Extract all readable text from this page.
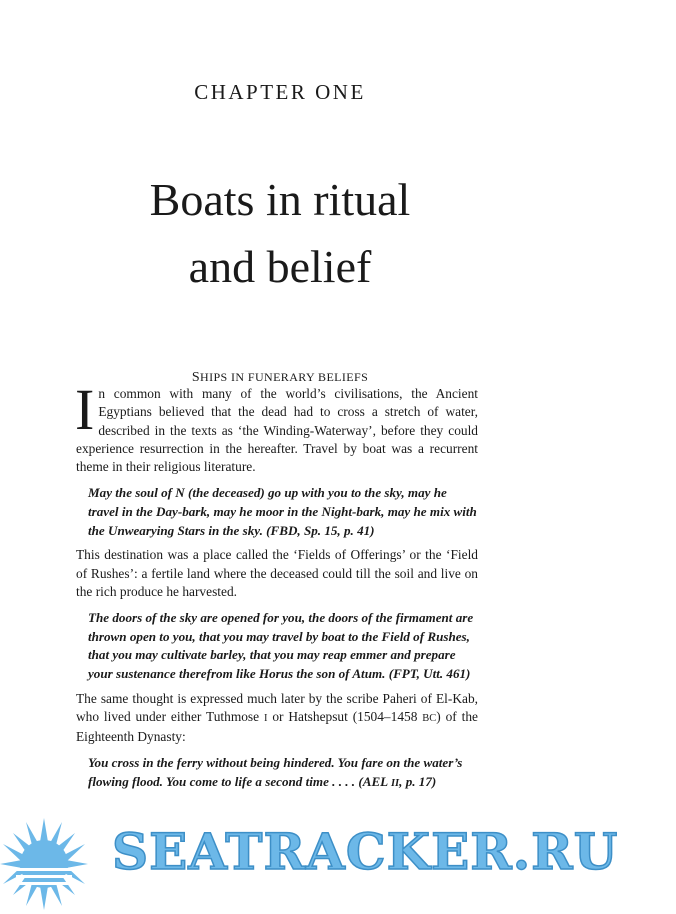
CHAPTER ONE
Boats in ritual
and belief
SHIPS IN FUNERARY BELIEFS

In common with many of the world’s civilisations, the Ancient Egyptians believed that the dead had to cross a stretch of water, described in the texts as ‘the Winding-Waterway’, before they could experience resurrection in the hereafter. Travel by boat was a recurrent theme in their religious literature.

May the soul of N (the deceased) go up with you to the sky, may he travel in the Day-bark, may he moor in the Night-bark, may he mix with the Unwearying Stars in the sky. (FBD, Sp. 15, p. 41)

This destination was a place called the ‘Fields of Offerings’ or the ‘Field of Rushes’: a fertile land where the deceased could till the soil and live on the rich produce he harvested.

The doors of the sky are opened for you, the doors of the firmament are thrown open to you, that you may travel by boat to the Field of Rushes, that you may cultivate barley, that you may reap emmer and prepare your sustenance therefrom like Horus the son of Atum. (FPT, Utt. 461)

The same thought is expressed much later by the scribe Paheri of El-Kab, who lived under either Tuthmose I or Hatshepsut (1504–1458 BC) of the Eighteenth Dynasty:

You cross in the ferry without being hindered. You fare on the water’s flowing flood. You come to life a second time . . . . (AEL II, p. 17)

SEATRACKER.RU
